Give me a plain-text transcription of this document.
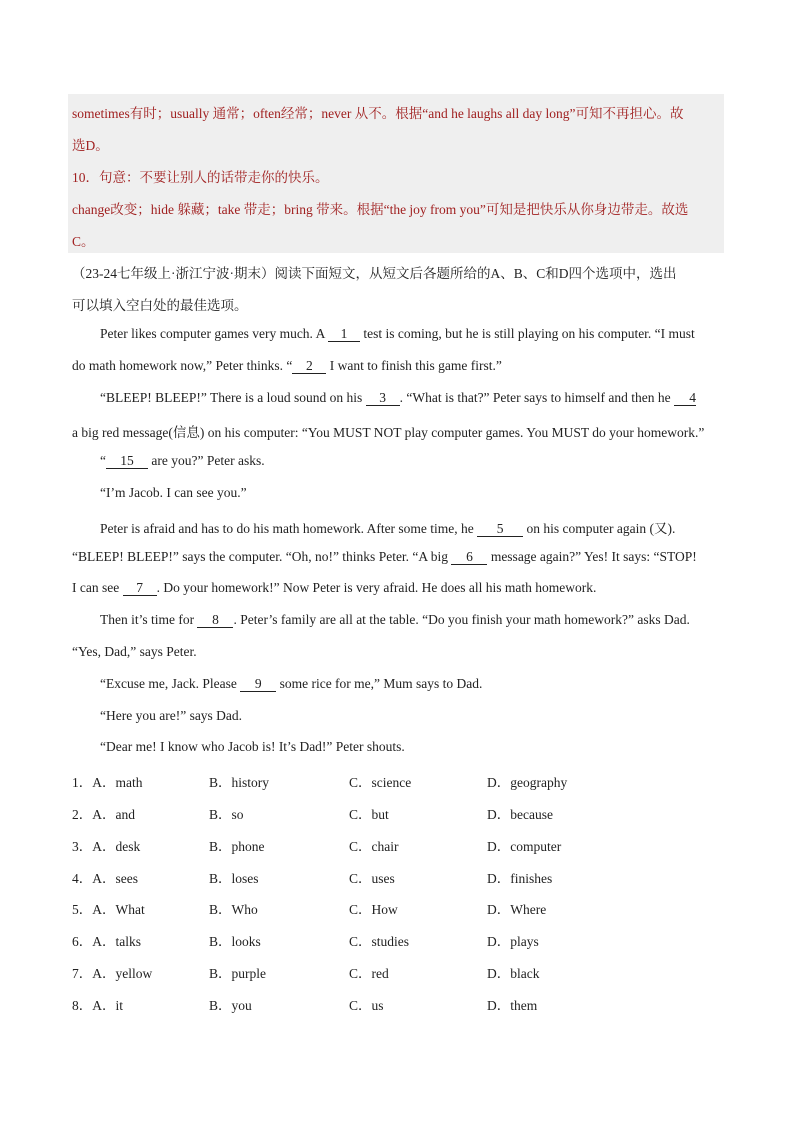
sometimes有时；usually 通常；often经常；never 从不。根据“and he laughs all day long”可知不再担心。故
选D。
10．句意：不要让别人的话带走你的快乐。
change改变；hide 躲藏；take 带走；bring 带来。根据“the joy from you”可知是把快乐从你身边带走。故选
C。
（23-24七年级上·浙江宁波·期末）阅读下面短文，从短文后各题所给的A、B、C和D四个选项中，选出
可以填入空白处的最佳选项。
Peter likes computer games very much. A 1 test is coming, but he is still playing on his computer. “I must
do math homework now,” Peter thinks. “ 2 I want to finish this game first.”
“BLEEP! BLEEP!” There is a loud sound on his 3 . “What is that?” Peter says to himself and then he 4
a big red message(信息) on his computer: “You MUST NOT play computer games. You MUST do your homework.”
“ 15 are you?” Peter asks.
“I’m Jacob. I can see you.”
Peter is afraid and has to do his math homework. After some time, he 5 on his computer again (又).
“BLEEP! BLEEP!” says the computer. “Oh, no!” thinks Peter. “A big 6 message again?” Yes! It says: “STOP!
I can see 7 . Do your homework!” Now Peter is very afraid. He does all his math homework.
Then it’s time for 8 . Peter’s family are all at the table. “Do you finish your math homework?” asks Dad.
“Yes, Dad,” says Peter.
“Excuse me, Jack. Please 9 some rice for me,” Mum says to Dad.
“Here you are!” says Dad.
“Dear me! I know who Jacob is! It’s Dad!” Peter shouts.
1．A．math	B．history	C．science	D．geography
2．A．and	B．so	C．but	D．because
3．A．desk	B．phone	C．chair	D．computer
4．A．sees	B．loses	C．uses	D．finishes
5．A．What	B．Who	C．How	D．Where
6．A．talks	B．looks	C．studies	D．plays
7．A．yellow	B．purple	C．red	D．black
8．A．it	B．you	C．us	D．them
